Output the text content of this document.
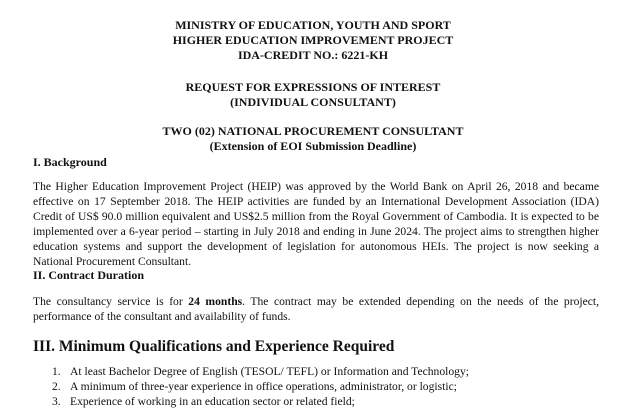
MINISTRY OF EDUCATION, YOUTH AND SPORT
HIGHER EDUCATION IMPROVEMENT PROJECT
IDA-CREDIT NO.: 6221-KH
REQUEST FOR EXPRESSIONS OF INTEREST
(INDIVIDUAL CONSULTANT)
TWO (02) NATIONAL PROCUREMENT CONSULTANT
(Extension of EOI Submission Deadline)
I. Background
The Higher Education Improvement Project (HEIP) was approved by the World Bank on April 26, 2018 and became effective on 17 September 2018. The HEIP activities are funded by an International Development Association (IDA) Credit of US$ 90.0 million equivalent and US$2.5 million from the Royal Government of Cambodia. It is expected to be implemented over a 6-year period – starting in July 2018 and ending in June 2024. The project aims to strengthen higher education systems and support the development of legislation for autonomous HEIs. The project is now seeking a National Procurement Consultant.
II. Contract Duration
The consultancy service is for 24 months. The contract may be extended depending on the needs of the project, performance of the consultant and availability of funds.
III. Minimum Qualifications and Experience Required
1. At least Bachelor Degree of English (TESOL/ TEFL) or Information and Technology;
2. A minimum of three-year experience in office operations, administrator, or logistic;
3. Experience of working in an education sector or related field;
